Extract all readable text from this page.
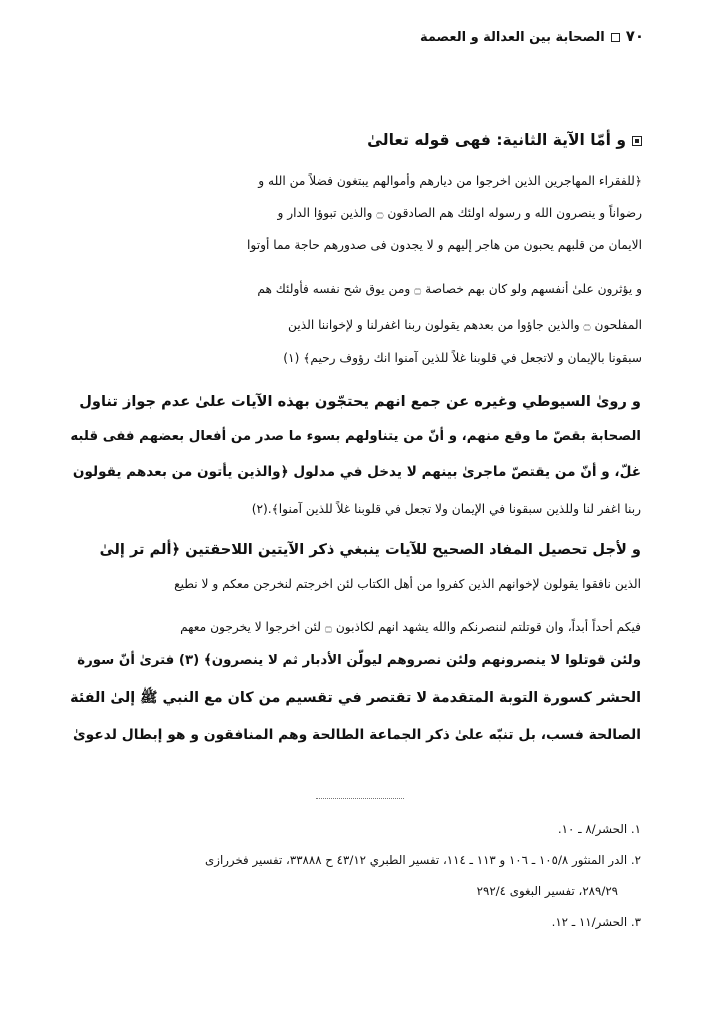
٧٠الصحابة بين العدالة و العصمة
و أمّا الآية الثانية: فهى قوله تعالىٰ
﴿للفقراء المهاجرين الذين اخرجوا من ديارهم وأموالهم يبتغون فضلاً من الله و
رضواناً و ينصرون الله و رسوله اولئك هم الصادقون ۝ والذين تبوؤا الدار و
الايمان من قلبهم يحبون من هاجر إليهم و لا يجدون فى صدورهم حاجة مما أوتوا
و يؤثرون علىٰ أنفسهم ولو كان بهم خصاصة ۝ ومن يوق شح نفسه فأولئك هم
المفلحون ۝ والذين جاؤوا من بعدهم يقولون ربنا اغفرلنا و لإخواننا الذين
سبقونا بالإيمان و لاتجعل في قلوبنا غلاً للذين آمنوا انك رؤوف رحيم﴾ (١)
و روىٰ السيوطي وغيره عن جمع انهم يحتجّون بهذه الآيات علىٰ عدم جواز تناول
الصحابة بقصّ ما وقع منهم، و أنّ من يتناولهم بسوء ما صدر من أفعال بعضهم ففى قلبه
غلّ، و أنّ من يقتصّ ماجرىٰ بينهم لا يدخل في مدلول ﴿والذين يأتون من بعدهم يقولون
ربنا اغفر لنا وللذين سبقونا في الإيمان ولا تجعل في قلوبنا غلاً للذين آمنوا﴾.(٢)
و لأجل تحصيل المفاد الصحيح للآيات ينبغي ذكر الآيتين اللاحقتين ﴿ألم تر إلىٰ
الذين نافقوا يقولون لإخوانهم الذين كفروا من أهل الكتاب لئن اخرجتم لنخرجن معكم و لا نطيع
فيكم أحداً أبداً، وان قوتلتم لننصرنكم والله يشهد انهم لكاذبون ۝ لئن اخرجوا لا يخرجون معهم
ولئن قوتلوا لا ينصرونهم ولئن نصروهم ليولّن الأدبار ثم لا ينصرون﴾ (٣) فترىٰ أنّ سورة
الحشر كسورة التوبة المتقدمة لا تقتصر في تقسيم من كان مع النبي ﷺ إلىٰ الفئة
الصالحة فسب، بل تنبّه علىٰ ذكر الجماعة الطالحة وهم المنافقون و هو إبطال لدعوىٰ
١. الحشر/٨ ـ ١٠.
٢. الدر المنثور ١٠٥/٨ ـ ١٠٦ و ١١٣ ـ ١١٤، تفسير الطبري ٤٣/١٢ ح ٣٣٨٨٨، تفسير فخررازى
٢٨٩/٢٩، تفسير البغوى ٢٩٢/٤
٣. الحشر/١١ ـ ١٢.
